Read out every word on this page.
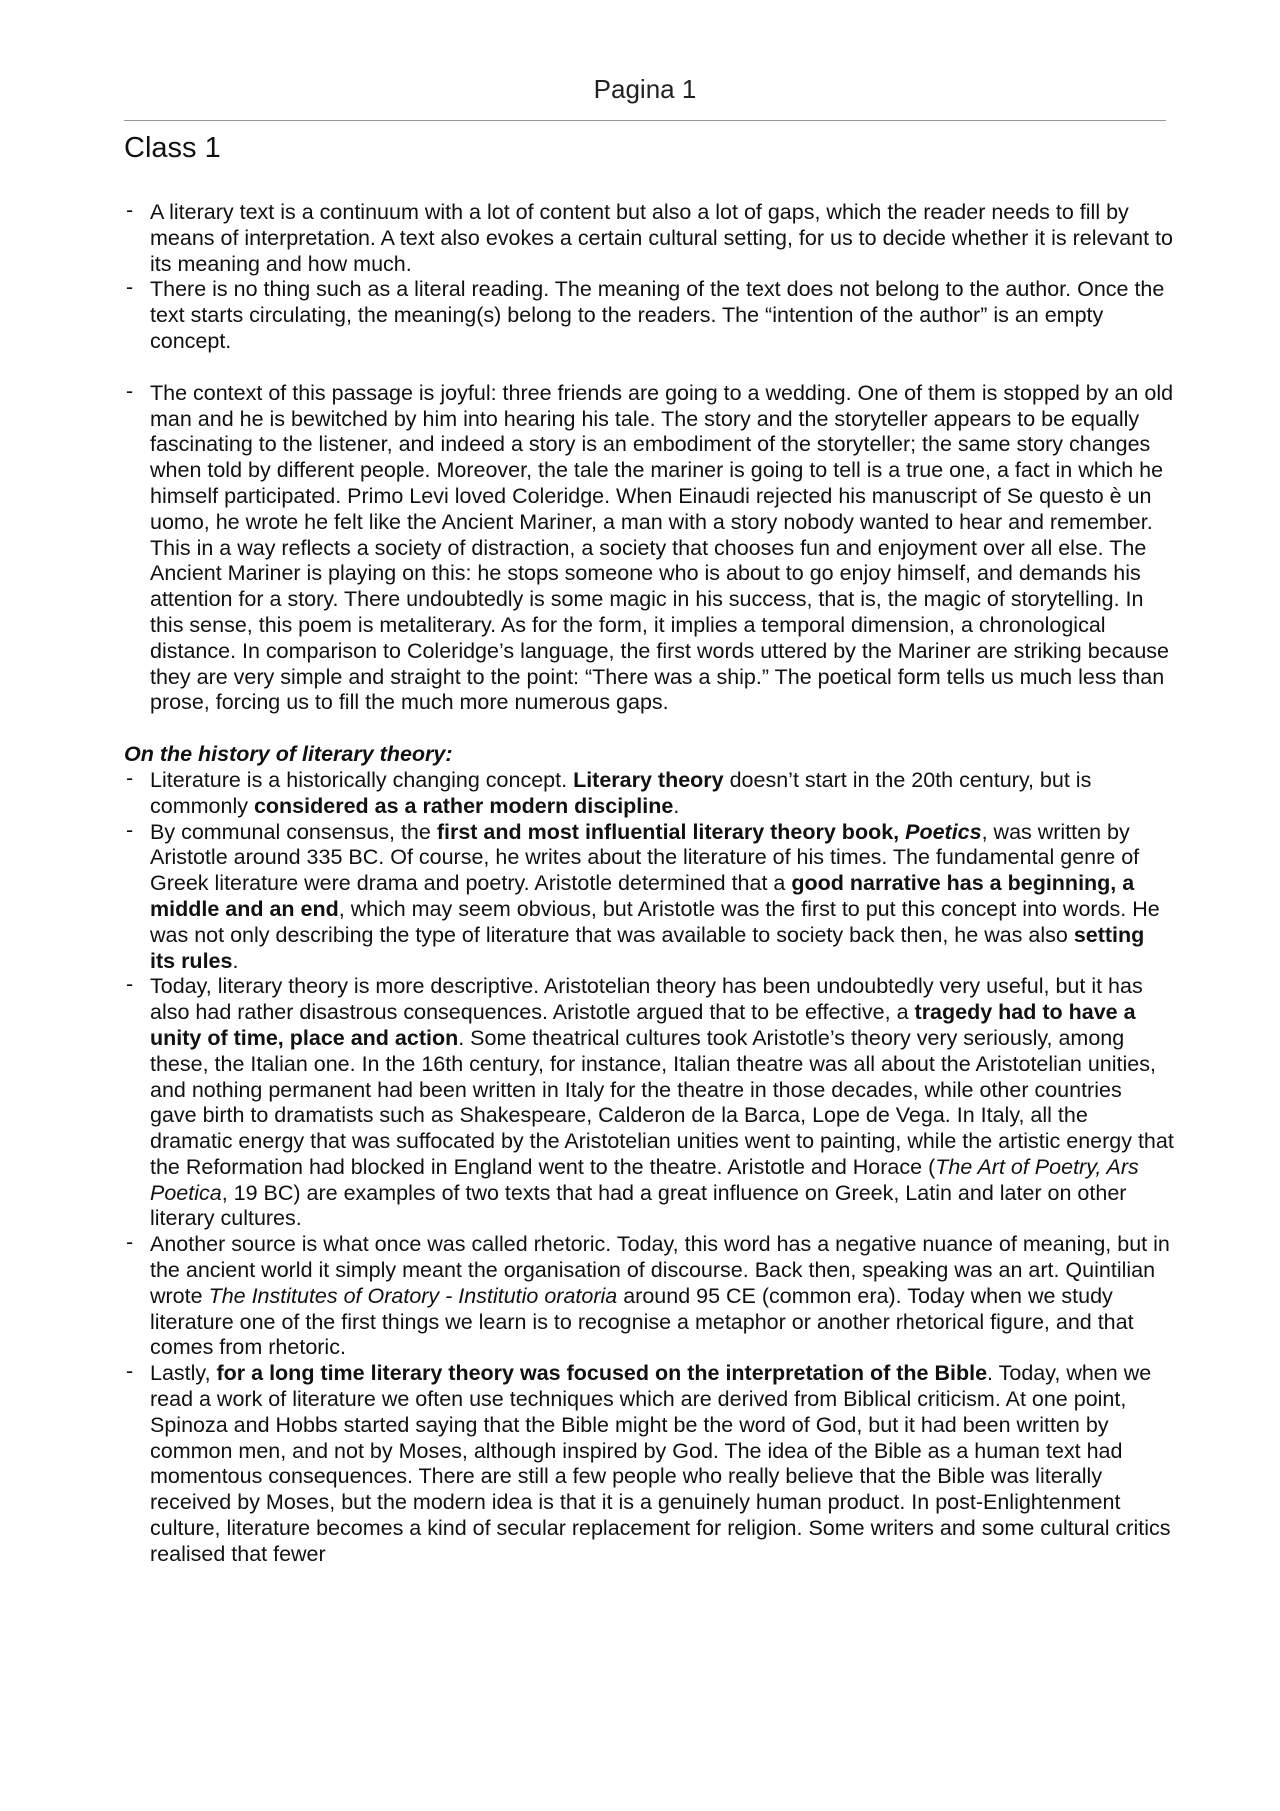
Pagina 1
Class 1
- A literary text is a continuum with a lot of content but also a lot of gaps, which the reader needs to fill by means of interpretation. A text also evokes a certain cultural setting, for us to decide whether it is relevant to its meaning and how much.
- There is no thing such as a literal reading. The meaning of the text does not belong to the author. Once the text starts circulating, the meaning(s) belong to the readers. The “intention of the author” is an empty concept.
- The context of this passage is joyful: three friends are going to a wedding. One of them is stopped by an old man and he is bewitched by him into hearing his tale. The story and the storyteller appears to be equally fascinating to the listener, and indeed a story is an embodiment of the storyteller; the same story changes when told by different people. Moreover, the tale the mariner is going to tell is a true one, a fact in which he himself participated. Primo Levi loved Coleridge. When Einaudi rejected his manuscript of Se questo è un uomo, he wrote he felt like the Ancient Mariner, a man with a story nobody wanted to hear and remember. This in a way reflects a society of distraction, a society that chooses fun and enjoyment over all else. The Ancient Mariner is playing on this: he stops someone who is about to go enjoy himself, and demands his attention for a story. There undoubtedly is some magic in his success, that is, the magic of storytelling. In this sense, this poem is metaliterary. As for the form, it implies a temporal dimension, a chronological distance. In comparison to Coleridge’s language, the first words uttered by the Mariner are striking because they are very simple and straight to the point: “There was a ship.” The poetical form tells us much less than prose, forcing us to fill the much more numerous gaps.

On the history of literary theory:

- Literature is a historically changing concept. Literary theory doesn’t start in the 20th century, but is commonly considered as a rather modern discipline.
- By communal consensus, the first and most influential literary theory book, Poetics, was written by Aristotle around 335 BC. Of course, he writes about the literature of his times. The fundamental genre of Greek literature were drama and poetry. Aristotle determined that a good narrative has a beginning, a middle and an end, which may seem obvious, but Aristotle was the first to put this concept into words. He was not only describing the type of literature that was available to society back then, he was also setting its rules.
- Today, literary theory is more descriptive. Aristotelian theory has been undoubtedly very useful, but it has also had rather disastrous consequences. Aristotle argued that to be effective, a tragedy had to have a unity of time, place and action. Some theatrical cultures took Aristotle’s theory very seriously, among these, the Italian one. In the 16th century, for instance, Italian theatre was all about the Aristotelian unities, and nothing permanent had been written in Italy for the theatre in those decades, while other countries gave birth to dramatists such as Shakespeare, Calderon de la Barca, Lope de Vega. In Italy, all the dramatic energy that was suffocated by the Aristotelian unities went to painting, while the artistic energy that the Reformation had blocked in England went to the theatre. Aristotle and Horace (The Art of Poetry, Ars Poetica, 19 BC) are examples of two texts that had a great influence on Greek, Latin and later on other literary cultures.
- Another source is what once was called rhetoric. Today, this word has a negative nuance of meaning, but in the ancient world it simply meant the organisation of discourse. Back then, speaking was an art. Quintilian wrote The Institutes of Oratory - Institutio oratoria around 95 CE (common era). Today when we study literature one of the first things we learn is to recognise a metaphor or another rhetorical figure, and that comes from rhetoric.
- Lastly, for a long time literary theory was focused on the interpretation of the Bible. Today, when we read a work of literature we often use techniques which are derived from Biblical criticism. At one point, Spinoza and Hobbs started saying that the Bible might be the word of God, but it had been written by common men, and not by Moses, although inspired by God. The idea of the Bible as a human text had momentous consequences. There are still a few people who really believe that the Bible was literally received by Moses, but the modern idea is that it is a genuinely human product. In post-Enlightenment culture, literature becomes a kind of secular replacement for religion. Some writers and some cultural critics realised that fewer
